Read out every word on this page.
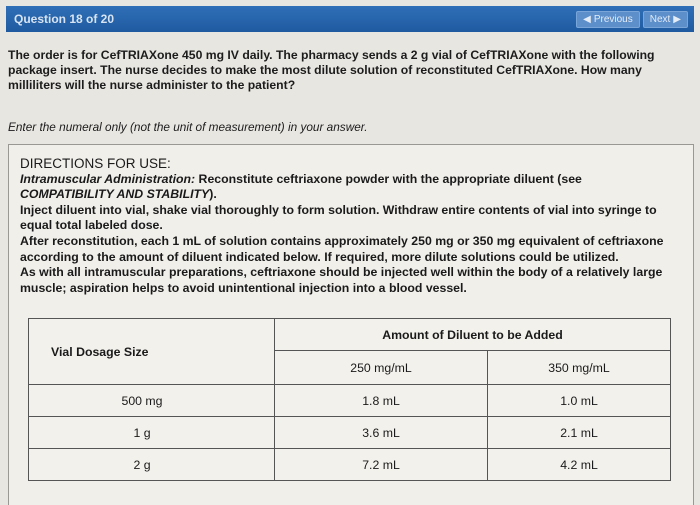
Question 18 of 20	◀ Previous Next ▶
The order is for CefTRIAXone 450 mg IV daily. The pharmacy sends a 2 g vial of CefTRIAXone with the following package insert. The nurse decides to make the most dilute solution of reconstituted CefTRIAXone. How many milliliters will the nurse administer to the patient?
Enter the numeral only (not the unit of measurement) in your answer.
DIRECTIONS FOR USE:
Intramuscular Administration: Reconstitute ceftriaxone powder with the appropriate diluent (see
COMPATIBILITY AND STABILITY).
Inject diluent into vial, shake vial thoroughly to form solution. Withdraw entire contents of vial into syringe to equal total labeled dose.
After reconstitution, each 1 mL of solution contains approximately 250 mg or 350 mg equivalent of ceftriaxone according to the amount of diluent indicated below. If required, more dilute solutions could be utilized.
As with all intramuscular preparations, ceftriaxone should be injected well within the body of a relatively large muscle; aspiration helps to avoid unintentional injection into a blood vessel.
Vial Dosage Size	Amount of Diluent to be Added	
	250 mg/mL	350 mg/mL
500 mg	1.8 mL	1.0 mL
1 g	3.6 mL	2.1 mL
2 g	7.2 mL	4.2 mL
